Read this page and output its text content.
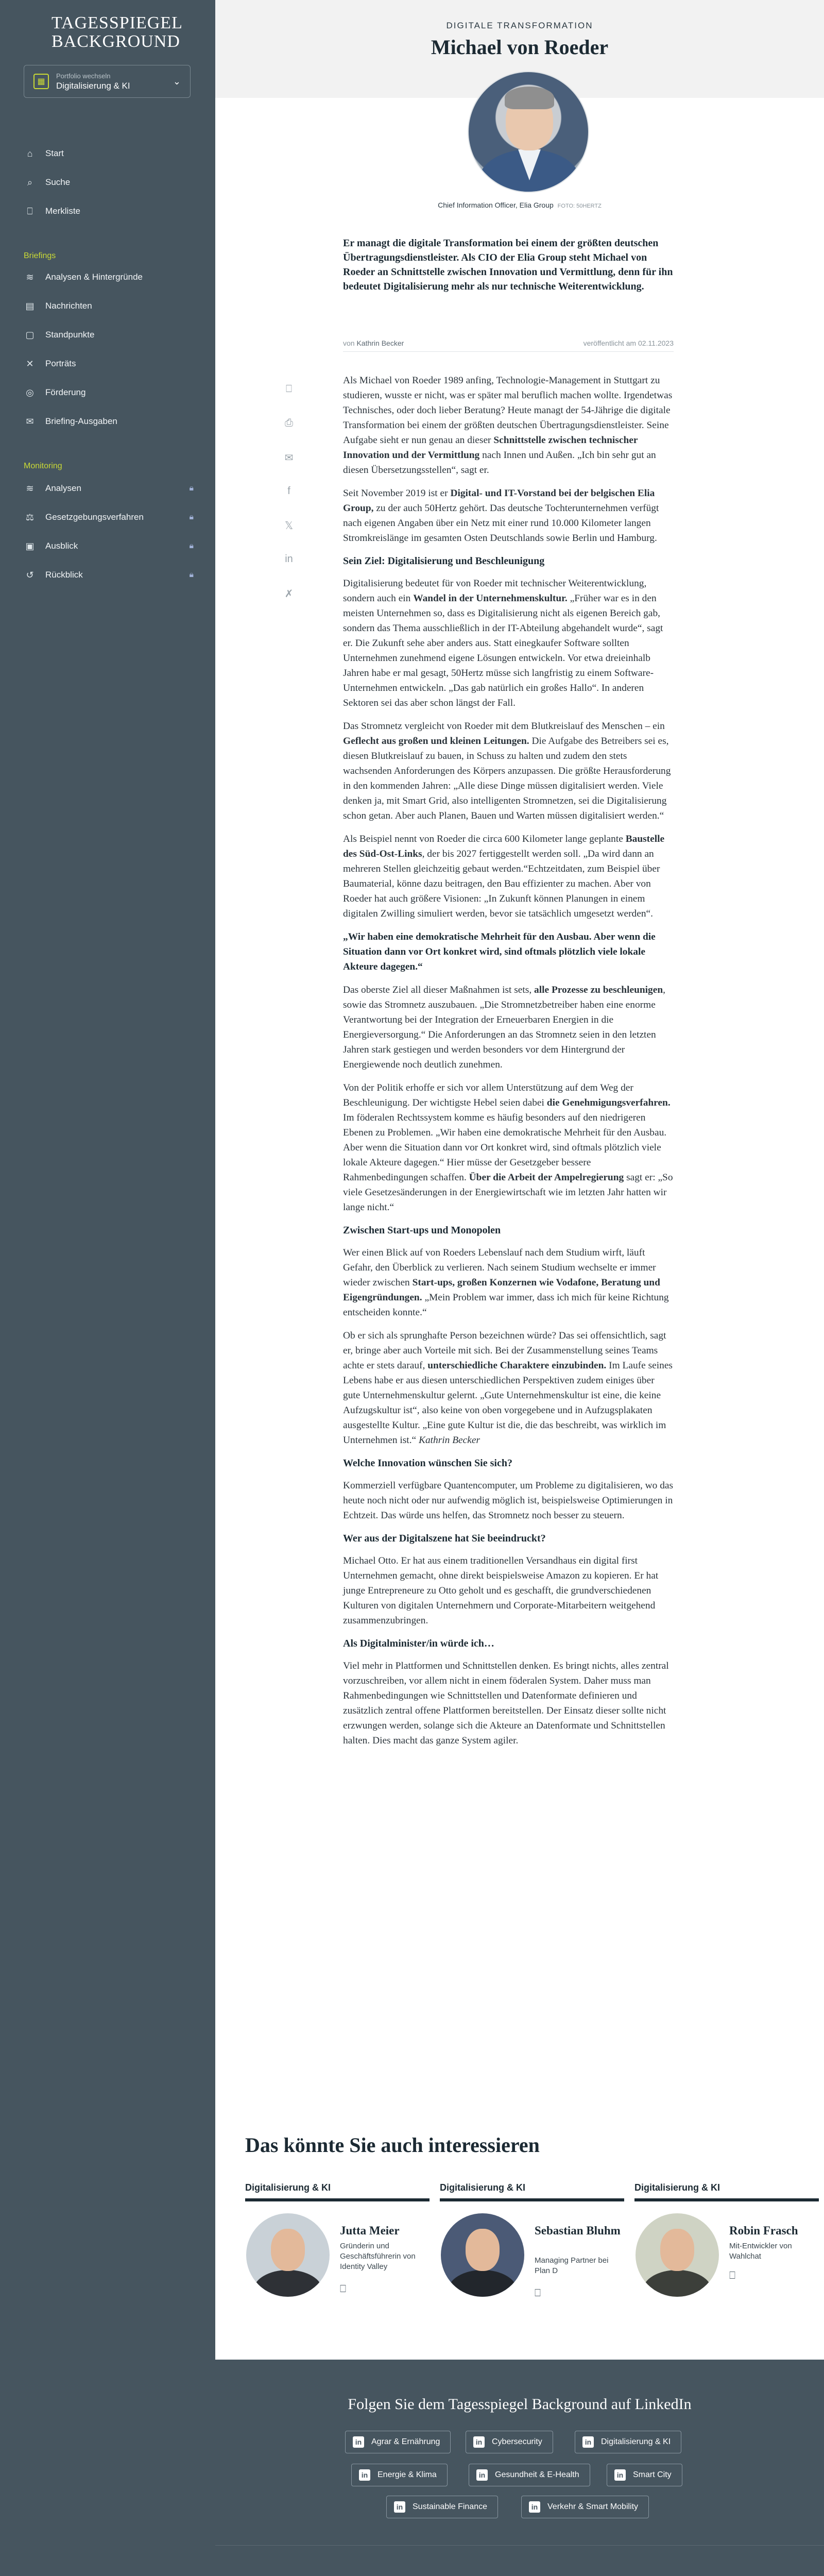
TAGESSPIEGEL
BACKGROUND
▦
Portfolio wechseln
Digitalisierung & KI	⌄
⌂	Start
⌕	Suche
⎕	Merkliste
Briefings
≋ Analysen & Hintergründe
▤ Nachrichten
▢ Standpunkte
✕ Porträts
◎ Förderung
✉ Briefing-Ausgaben
Monitoring
≋ Analysen	🔒︎
⚖ Gesetzgebungsverfahren	🔒︎
▣ Ausblick	🔒︎
↺ Rückblick	🔒︎
DIGITALE TRANSFORMATION
Michael von Roeder
Chief Information Officer, Elia Group FOTO: 50HERTZ
Er managt die digitale Transformation bei einem der größten deutschen Übertragungsdienstleister. Als CIO der Elia Group steht Michael von Roeder an Schnittstelle zwischen Innovation und Vermittlung, denn für ihn bedeutet Digitalisierung mehr als nur technische Weiterentwicklung.
von Kathrin Becker	veröffentlicht am 02.11.2023
⎕
⎙
✉
f
𝕏
in
✗

Als Michael von Roeder 1989 anfing, Technologie-Management in Stuttgart zu studieren, wusste er nicht, was er später mal beruflich machen wollte. Irgendetwas Technisches, oder doch lieber Beratung? Heute managt der 54-Jährige die digitale Transformation bei einem der größten deutschen Übertragungsdienstleister. Seine Aufgabe sieht er nun genau an dieser Schnittstelle zwischen technischer Innovation und der Vermittlung nach Innen und Außen. „Ich bin sehr gut an diesen Übersetzungsstellen“, sagt er.

Seit November 2019 ist er Digital- und IT-Vorstand bei der belgischen Elia Group, zu der auch 50Hertz gehört. Das deutsche Tochterunternehmen verfügt nach eigenen Angaben über ein Netz mit einer rund 10.000 Kilometer langen Stromkreislänge im gesamten Osten Deutschlands sowie Berlin und Hamburg.

Sein Ziel: Digitalisierung und Beschleunigung

Digitalisierung bedeutet für von Roeder mit technischer Weiterentwicklung, sondern auch ein Wandel in der Unternehmenskultur. „Früher war es in den meisten Unternehmen so, dass es Digitalisierung nicht als eigenen Bereich gab, sondern das Thema ausschließlich in der IT-Abteilung abgehandelt wurde“, sagt er. Die Zukunft sehe aber anders aus. Statt einegkaufer Software sollten Unternehmen zunehmend eigene Lösungen entwickeln. Vor etwa dreieinhalb Jahren habe er mal gesagt, 50Hertz müsse sich langfristig zu einem Software-Unternehmen entwickeln. „Das gab natürlich ein großes Hallo“. In anderen Sektoren sei das aber schon längst der Fall.

Das Stromnetz vergleicht von Roeder mit dem Blutkreislauf des Menschen – ein Geflecht aus großen und kleinen Leitungen. Die Aufgabe des Betreibers sei es, diesen Blutkreislauf zu bauen, in Schuss zu halten und zudem den stets wachsenden Anforderungen des Körpers anzupassen. Die größte Herausforderung in den kommenden Jahren: „Alle diese Dinge müssen digitalisiert werden. Viele denken ja, mit Smart Grid, also intelligenten Stromnetzen, sei die Digitalisierung schon getan. Aber auch Planen, Bauen und Warten müssen digitalisiert werden.“

Als Beispiel nennt von Roeder die circa 600 Kilometer lange geplante Baustelle des Süd-Ost-Links, der bis 2027 fertiggestellt werden soll. „Da wird dann an mehreren Stellen gleichzeitig gebaut werden.“Echtzeitdaten, zum Beispiel über Baumaterial, könne dazu beitragen, den Bau effizienter zu machen. Aber von Roeder hat auch größere Visionen: „In Zukunft können Planungen in einem digitalen Zwilling simuliert werden, bevor sie tatsächlich umgesetzt werden“.

„Wir haben eine demokratische Mehrheit für den Ausbau. Aber wenn die Situation dann vor Ort konkret wird, sind oftmals plötzlich viele lokale Akteure dagegen.“

Das oberste Ziel all dieser Maßnahmen ist sets, alle Prozesse zu beschleunigen, sowie das Stromnetz auszubauen. „Die Stromnetzbetreiber haben eine enorme Verantwortung bei der Integration der Erneuerbaren Energien in die Energieversorgung.“ Die Anforderungen an das Stromnetz seien in den letzten Jahren stark gestiegen und werden besonders vor dem Hintergrund der Energiewende noch deutlich zunehmen.

Von der Politik erhoffe er sich vor allem Unterstützung auf dem Weg der Beschleunigung. Der wichtigste Hebel seien dabei die Genehmigungsverfahren. Im föderalen Rechtssystem komme es häufig besonders auf den niedrigeren Ebenen zu Problemen. „Wir haben eine demokratische Mehrheit für den Ausbau. Aber wenn die Situation dann vor Ort konkret wird, sind oftmals plötzlich viele lokale Akteure dagegen.“ Hier müsse der Gesetzgeber bessere Rahmenbedingungen schaffen. Über die Arbeit der Ampelregierung sagt er: „So viele Gesetzesänderungen in der Energiewirtschaft wie im letzten Jahr hatten wir lange nicht.“

Zwischen Start-ups und Monopolen

Wer einen Blick auf von Roeders Lebenslauf nach dem Studium wirft, läuft Gefahr, den Überblick zu verlieren. Nach seinem Studium wechselte er immer wieder zwischen Start-ups, großen Konzernen wie Vodafone, Beratung und Eigengründungen. „Mein Problem war immer, dass ich mich für keine Richtung entscheiden konnte.“

Ob er sich als sprunghafte Person bezeichnen würde? Das sei offensichtlich, sagt er, bringe aber auch Vorteile mit sich. Bei der Zusammenstellung seines Teams achte er stets darauf, unterschiedliche Charaktere einzubinden. Im Laufe seines Lebens habe er aus diesen unterschiedlichen Perspektiven zudem einiges über gute Unternehmenskultur gelernt. „Gute Unternehmenskultur ist eine, die keine Aufzugskultur ist“, also keine von oben vorgegebene und in Aufzugsplakaten ausgestellte Kultur. „Eine gute Kultur ist die, die das beschreibt, was wirklich im Unternehmen ist.“ Kathrin Becker

Welche Innovation wünschen Sie sich?

Kommerziell verfügbare Quantencomputer, um Probleme zu digitalisieren, wo das heute noch nicht oder nur aufwendig möglich ist, beispielsweise Optimierungen in Echtzeit. Das würde uns helfen, das Stromnetz noch besser zu steuern.

Wer aus der Digitalszene hat Sie beeindruckt?

Michael Otto. Er hat aus einem traditionellen Versandhaus ein digital first Unternehmen gemacht, ohne direkt beispielsweise Amazon zu kopieren. Er hat junge Entrepreneure zu Otto geholt und es geschafft, die grundverschiedenen Kulturen von digitalen Unternehmern und Corporate-Mitarbeitern weitgehend zusammenzubringen.

Als Digitalminister/in würde ich…

Viel mehr in Plattformen und Schnittstellen denken. Es bringt nichts, alles zentral vorzuschreiben, vor allem nicht in einem föderalen System. Daher muss man Rahmenbedingungen wie Schnittstellen und Datenformate definieren und zusätzlich zentral offene Plattformen bereitstellen. Der Einsatz dieser sollte nicht erzwungen werden, solange sich die Akteure an Datenformate und Schnittstellen halten. Dies macht das ganze System agiler.

Das könnte Sie auch interessieren
Digitalisierung & KI
Jutta Meier
Gründerin und Geschäftsführerin von Identity Valley
⎕
Digitalisierung & KI
Sebastian Bluhm
Managing Partner bei Plan D
⎕
Digitalisierung & KI
Robin Frasch
Mit-Entwickler von Wahlchat
⎕
Folgen Sie dem Tagesspiegel Background auf LinkedIn
in Agrar & Ernährung	in Cybersecurity	in Digitalisierung & KI
in Energie & Klima	in Gesundheit & E-Health	in Smart City
in Sustainable Finance	in Verkehr & Smart Mobility
